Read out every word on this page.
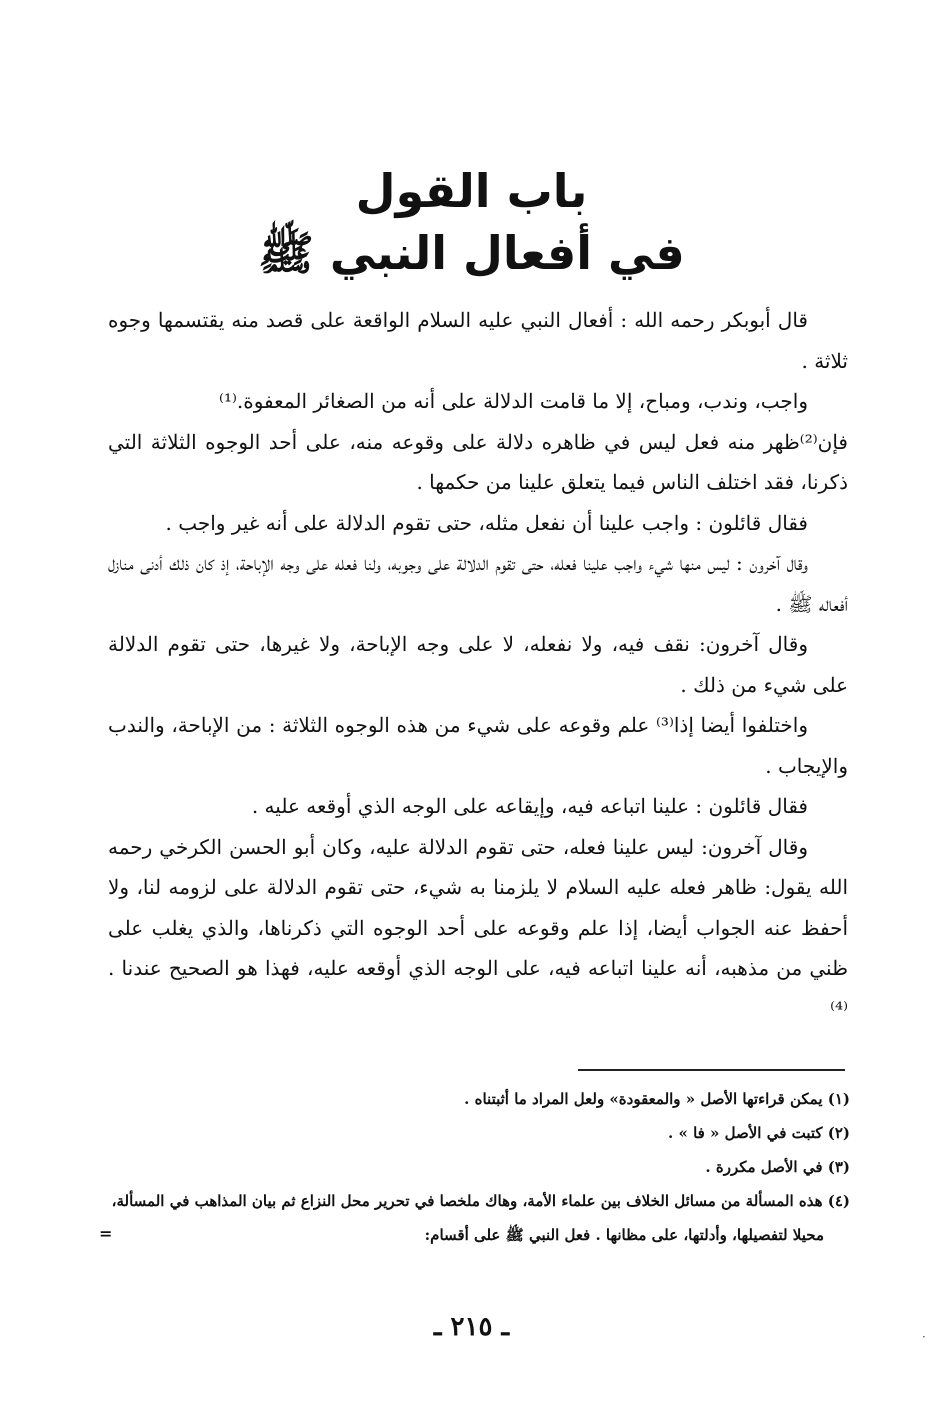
باب القول
في أفعال النبي ﷺ

قال أبوبكر رحمه الله : أفعال النبي عليه السلام الواقعة على قصد منه يقتسمها وجوه ثلاثة .

واجب، وندب، ومباح، إلا ما قامت الدلالة على أنه من الصغائر المعفوة.⁽¹⁾

فإن⁽²⁾ظهر منه فعل ليس في ظاهره دلالة على وقوعه منه، على أحد الوجوه الثلاثة التي ذكرنا، فقد اختلف الناس فيما يتعلق علينا من حكمها .

فقال قائلون : واجب علينا أن نفعل مثله، حتى تقوم الدلالة على أنه غير واجب .

وقال آخرون : ليس منها شيء واجب علينا فعله، حتى تقوم الدلالة على وجوبه، ولنا فعله على وجه الإباحة، إذ كان ذلك أدنى منازل أفعاله ﷺ .

وقال آخرون: نقف فيه، ولا نفعله، لا على وجه الإباحة، ولا غيرها، حتى تقوم الدلالة على شيء من ذلك .

واختلفوا أيضا إذا⁽³⁾ علم وقوعه على شيء من هذه الوجوه الثلاثة : من الإباحة، والندب والإيجاب .

فقال قائلون : علينا اتباعه فيه، وإيقاعه على الوجه الذي أوقعه عليه .

وقال آخرون: ليس علينا فعله، حتى تقوم الدلالة عليه، وكان أبو الحسن الكرخي رحمه الله يقول: ظاهر فعله عليه السلام لا يلزمنا به شيء، حتى تقوم الدلالة على لزومه لنا، ولا أحفظ عنه الجواب أيضا، إذا علم وقوعه على أحد الوجوه التي ذكرناها، والذي يغلب على ظني من مذهبه، أنه علينا اتباعه فيه، على الوجه الذي أوقعه عليه، فهذا هو الصحيح عندنا .⁽⁴⁾

(١) يمكن قراءتها الأصل « والمعقودة» ولعل المراد ما أثبتناه .

(٢) كتبت في الأصل « فا » .

(٣) في الأصل مكررة .

(٤) هذه المسألة من مسائل الخلاف بين علماء الأمة، وهاك ملخصا في تحرير محل النزاع ثم بيان المذاهب في المسألة،

محيلا لتفصيلها، وأدلتها، على مظانها . فعل النبي ﷺ على أقسام:

=
ـ ٢١٥ ـ	·
